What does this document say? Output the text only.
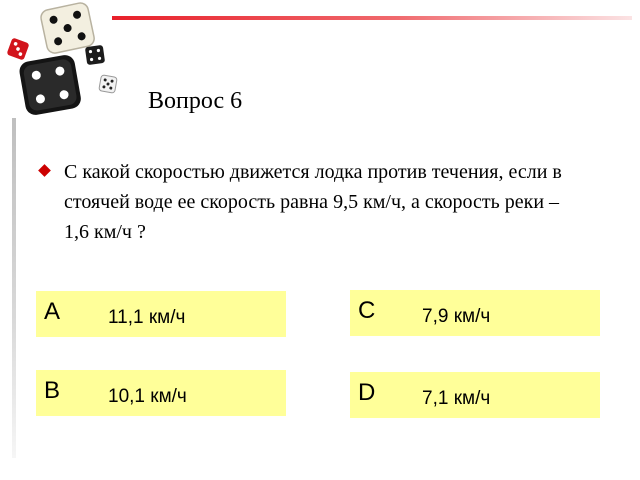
Вопрос 6
С какой скоростью движется лодка против течения, если в стоячей воде ее скорость равна 9,5 км/ч, а скорость реки – 1,6 км/ч ?
A	11,1 км/ч	C 7,9 км/ч
B	10,1 км/ч	D 7,1 км/ч
